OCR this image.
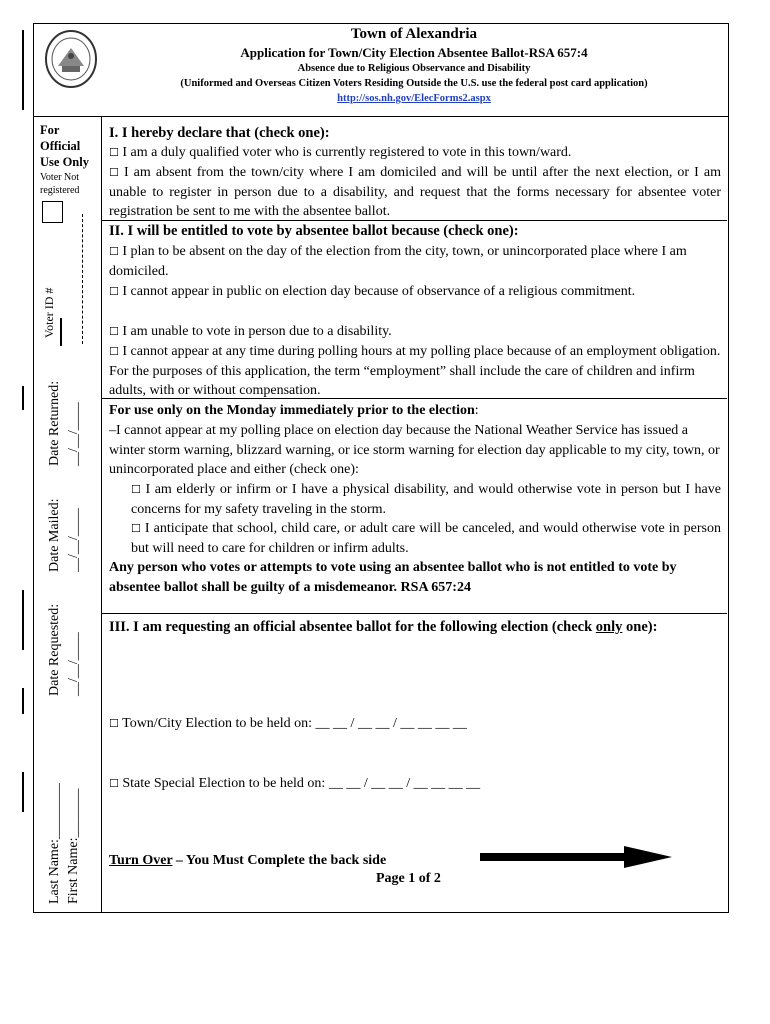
Town of Alexandria
Application for Town/City Election Absentee Ballot-RSA 657:4
Absence due to Religious Observance and Disability
(Uniformed and Overseas Citizen Voters Residing Outside the U.S. use the federal post card application)
http://sos.nh.gov/ElecForms2.aspx
For Official Use Only
Voter Not registered
Voter ID #
Date Returned: __/__/____
Date Mailed: __/__/____
Date Requested: __/__/____
Last Name:________ First Name:_______
I. I hereby declare that (check one):
☐ I am a duly qualified voter who is currently registered to vote in this town/ward.
☐ I am absent from the town/city where I am domiciled and will be until after the next election, or I am unable to register in person due to a disability, and request that the forms necessary for absentee voter registration be sent to me with the absentee ballot.
II. I will be entitled to vote by absentee ballot because (check one):
☐ I plan to be absent on the day of the election from the city, town, or unincorporated place where I am domiciled.
☐ I cannot appear in public on election day because of observance of a religious commitment.
☐ I am unable to vote in person due to a disability.
☐ I cannot appear at any time during polling hours at my polling place because of an employment obligation. For the purposes of this application, the term “employment” shall include the care of children and infirm adults, with or without compensation.
For use only on the Monday immediately prior to the election:
–I cannot appear at my polling place on election day because the National Weather Service has issued a winter storm warning, blizzard warning, or ice storm warning for election day applicable to my city, town, or unincorporated place and either (check one):
☐ I am elderly or infirm or I have a physical disability, and would otherwise vote in person but I have concerns for my safety traveling in the storm.
☐ I anticipate that school, child care, or adult care will be canceled, and would otherwise vote in person but will need to care for children or infirm adults.
Any person who votes or attempts to vote using an absentee ballot who is not entitled to vote by absentee ballot shall be guilty of a misdemeanor. RSA 657:24
III. I am requesting an official absentee ballot for the following election (check only one):
☐ Town/City Election to be held on: __ __ / __ __ / __ __ __ __
☐ State Special Election to be held on: __ __ / __ __ / __ __ __ __
Turn Over – You Must Complete the back side
Page 1 of 2
